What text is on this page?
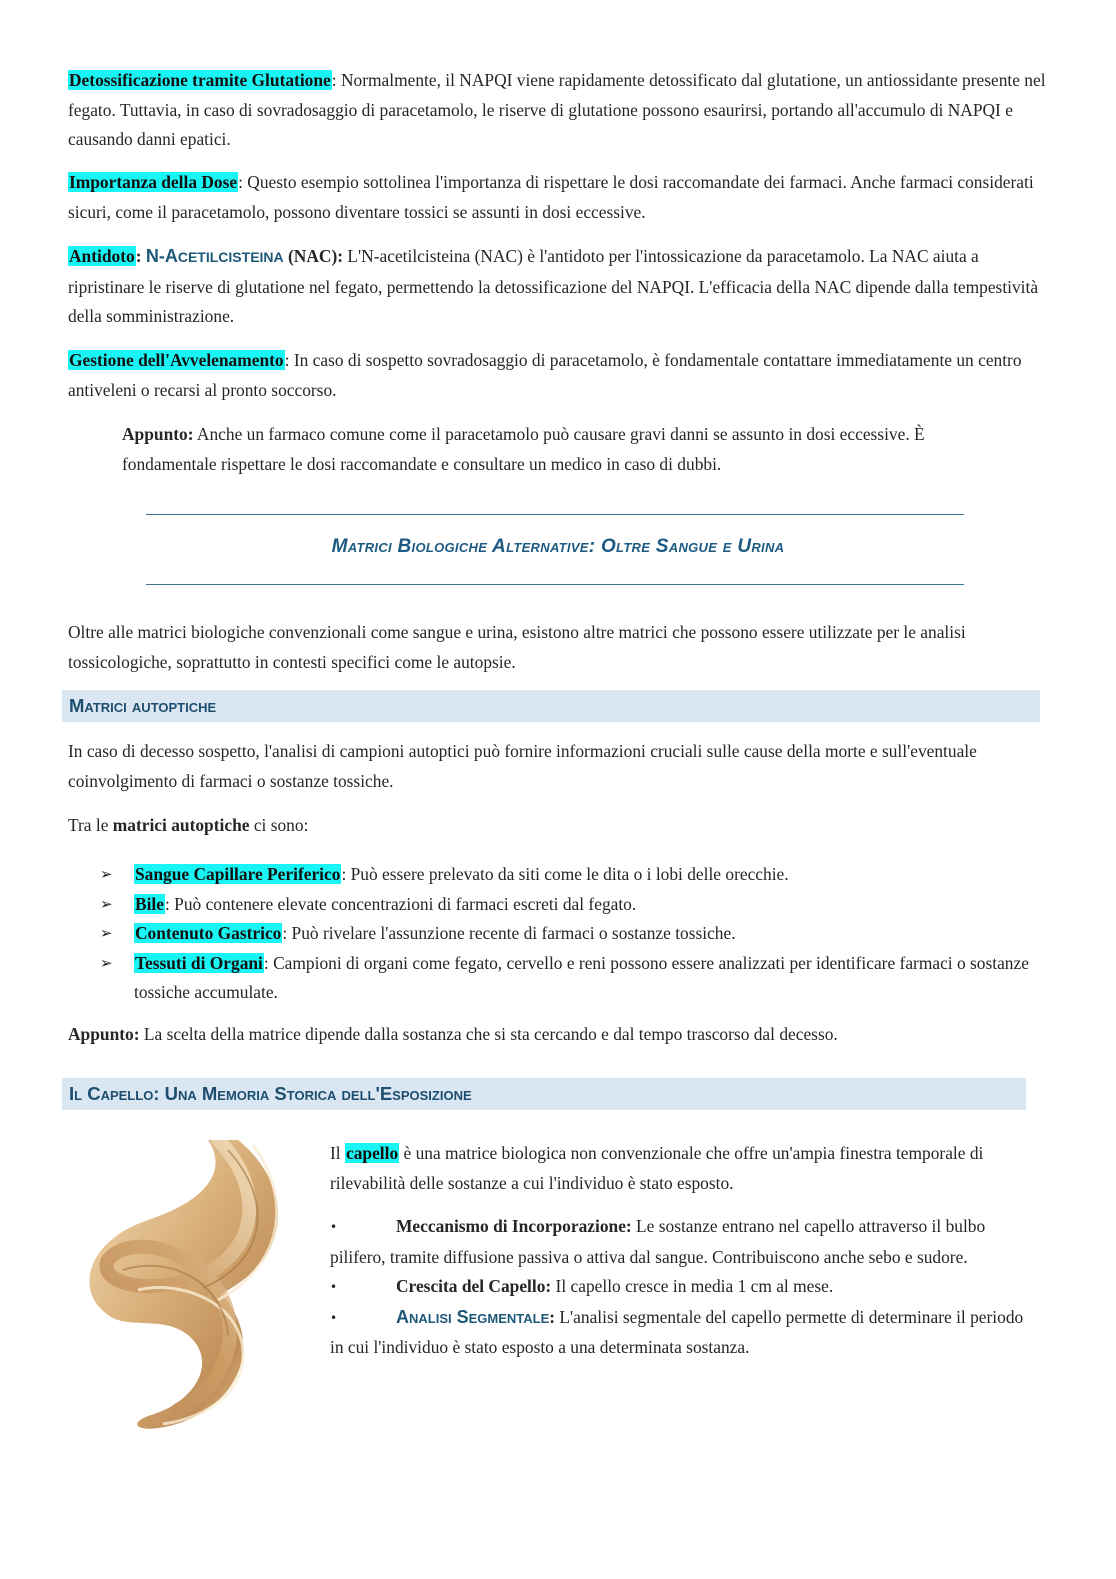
Detossificazione tramite Glutatione: Normalmente, il NAPQI viene rapidamente detossificato dal glutatione, un antiossidante presente nel fegato. Tuttavia, in caso di sovradosaggio di paracetamolo, le riserve di glutatione possono esaurirsi, portando all'accumulo di NAPQI e causando danni epatici.

Importanza della Dose: Questo esempio sottolinea l'importanza di rispettare le dosi raccomandate dei farmaci. Anche farmaci considerati sicuri, come il paracetamolo, possono diventare tossici se assunti in dosi eccessive.

Antidoto: N-ACETILCISTEINA (NAC): L'N-acetilcisteina (NAC) è l'antidoto per l'intossicazione da paracetamolo. La NAC aiuta a ripristinare le riserve di glutatione nel fegato, permettendo la detossificazione del NAPQI. L'efficacia della NAC dipende dalla tempestività della somministrazione.

Gestione dell'Avvelenamento: In caso di sospetto sovradosaggio di paracetamolo, è fondamentale contattare immediatamente un centro antiveleni o recarsi al pronto soccorso.

Appunto: Anche un farmaco comune come il paracetamolo può causare gravi danni se assunto in dosi eccessive. È fondamentale rispettare le dosi raccomandate e consultare un medico in caso di dubbi.

Matrici Biologiche Alternative: Oltre Sangue e Urina

Oltre alle matrici biologiche convenzionali come sangue e urina, esistono altre matrici che possono essere utilizzate per le analisi tossicologiche, soprattutto in contesti specifici come le autopsie.

Matrici autoptiche

In caso di decesso sospetto, l'analisi di campioni autoptici può fornire informazioni cruciali sulle cause della morte e sull'eventuale coinvolgimento di farmaci o sostanze tossiche.

Tra le matrici autoptiche ci sono:

➢ Sangue Capillare Periferico: Può essere prelevato da siti come le dita o i lobi delle orecchie.
➢ Bile: Può contenere elevate concentrazioni di farmaci escreti dal fegato.
➢ Contenuto Gastrico: Può rivelare l'assunzione recente di farmaci o sostanze tossiche.
➢ Tessuti di Organi: Campioni di organi come fegato, cervello e reni possono essere analizzati per identificare farmaci o sostanze tossiche accumulate.

Appunto: La scelta della matrice dipende dalla sostanza che si sta cercando e dal tempo trascorso dal decesso.

Il Capello: Una Memoria Storica dell'Esposizione

Il capello è una matrice biologica non convenzionale che offre un'ampia finestra temporale di rilevabilità delle sostanze a cui l'individuo è stato esposto.

•	Meccanismo di Incorporazione: Le sostanze entrano nel capello attraverso il bulbo pilifero, tramite diffusione passiva o attiva dal sangue. Contribuiscono anche sebo e sudore.
•	Crescita del Capello: Il capello cresce in media 1 cm al mese.
•	Analisi Segmentale: L'analisi segmentale del capello permette di determinare il periodo in cui l'individuo è stato esposto a una determinata sostanza.
